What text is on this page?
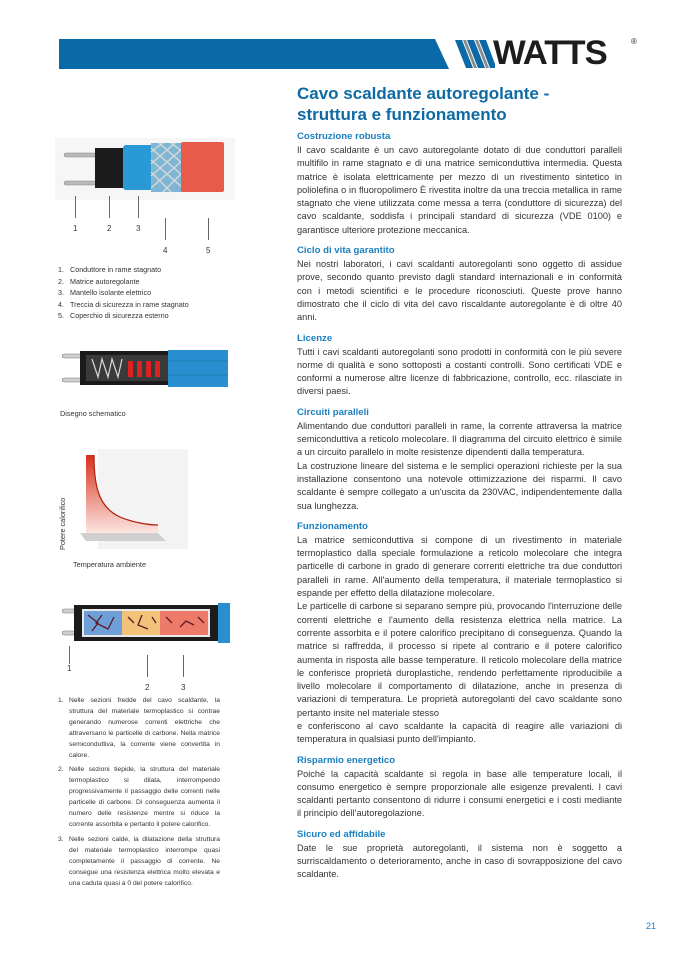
WATTS	®
Cavo scaldante autoregolante -
struttura e funzionamento
Costruzione robusta

Il cavo scaldante è un cavo autoregolante dotato di due conduttori paralleli multifilo in rame stagnato e di una matrice semiconduttiva intermedia. Questa matrice è isolata elettricamente per mezzo di un rivestimento sintetico in poliolefina o in fluoropolimero È rivestita inoltre da una treccia metallica in rame stagnato che viene utilizzata come messa a terra (conduttore di sicurezza) del cavo scaldante, soddisfa i principali standard di sicurezza (VDE 0100) e garantisce ulteriore protezione meccanica.

Ciclo di vita garantito

Nei nostri laboratori, i cavi scaldanti autoregolanti sono oggetto di assidue prove, secondo quanto previsto dagli standard internazionali e in conformità con i metodi scientifici e le procedure riconosciuti. Queste prove hanno dimostrato che il ciclo di vita del cavo riscaldante autoregolante è di oltre 40 anni.

Licenze

Tutti i cavi scaldanti autoregolanti sono prodotti in conformità con le più severe norme di qualità e sono sottoposti a costanti controlli. Sono certificati VDE e conformi a numerose altre licenze di fabbricazione, controllo, ecc. rilasciate in diversi paesi.

Circuiti paralleli

Alimentando due conduttori paralleli in rame, la corrente attraversa la matrice semiconduttiva a reticolo molecolare. Il diagramma del circuito elettrico è simile a un circuito parallelo in molte resistenze dipendenti dalla temperatura.

La costruzione lineare del sistema e le semplici operazioni richieste per la sua installazione consentono una notevole ottimizzazione dei risparmi. Il cavo scaldante è sempre collegato a un'uscita da 230VAC, indipendentemente dalla sua lunghezza.

Funzionamento

La matrice semiconduttiva si compone di un rivestimento in materiale termoplastico dalla speciale formulazione a reticolo molecolare che integra particelle di carbone in grado di generare correnti elettriche tra due conduttori paralleli in rame. All'aumento della temperatura, il materiale termoplastico si espande per effetto della dilatazione molecolare.

Le particelle di carbone si separano sempre più, provocando l'interruzione delle correnti elettriche e l'aumento della resistenza elettrica nella matrice. La corrente assorbita e il potere calorifico precipitano di conseguenza. Quando la matrice si raffredda, il processo si ripete al contrario e il potere calorifico aumenta in risposta alle basse temperature. Il reticolo molecolare della matrice le conferisce proprietà duroplastiche, rendendo perfettamente riproducibile a livello molecolare il comportamento di dilatazione, anche in presenza di variazioni di temperatura. Le proprietà autoregolanti del cavo scaldante sono pertanto insite nel materiale stesso

e conferiscono al cavo scaldante la capacità di reagire alle variazioni di temperatura in qualsiasi punto dell'impianto.

Risparmio energetico

Poiché la capacità scaldante si regola in base alle temperature locali, il consumo energetico è sempre proporzionale alle esigenze prevalenti. I cavi scaldanti pertanto consentono di ridurre i consumi energetici e i costi mediante il principio dell'autoregolazione.

Sicuro ed affidabile

Date le sue proprietà autoregolanti, il sistema non è soggetto a surriscaldamento o deterioramento, anche in caso di sovrapposizione del cavo scaldante.

1	2	3
4	5
1. Conduttore in rame stagnato
2. Matrice autoregolante
3. Mantello isolante elettrico
4. Treccia di sicurezza in rame stagnato
5. Coperchio di sicurezza esterno
Disegno schematico
Potere calorifico
Temperatura ambiente
1
2	3
1. Nelle sezioni fredde del cavo scaldante, la struttura del materiale termoplastico si contrae generando numerose correnti elettriche che attraversano le particelle di carbone. Nella matrice semiconduttiva, la corrente viene convertita in calore.
2. Nelle sezioni tiepide, la struttura del materiale termoplastico si dilata, interrompendo progressivamente il passaggio delle correnti nelle particelle di carbone. Di conseguenza aumenta il numero delle resistenze mentre si riduce la corrente assorbita e pertanto il potere calorifico.
3. Nelle sezioni calde, la dilatazione della struttura del materiale termoplastico interrompe quasi completamente il passaggio di corrente. Ne consegue una resistenza elettrica molto elevata e una caduta quasi a 0 del potere calorifico.
21
